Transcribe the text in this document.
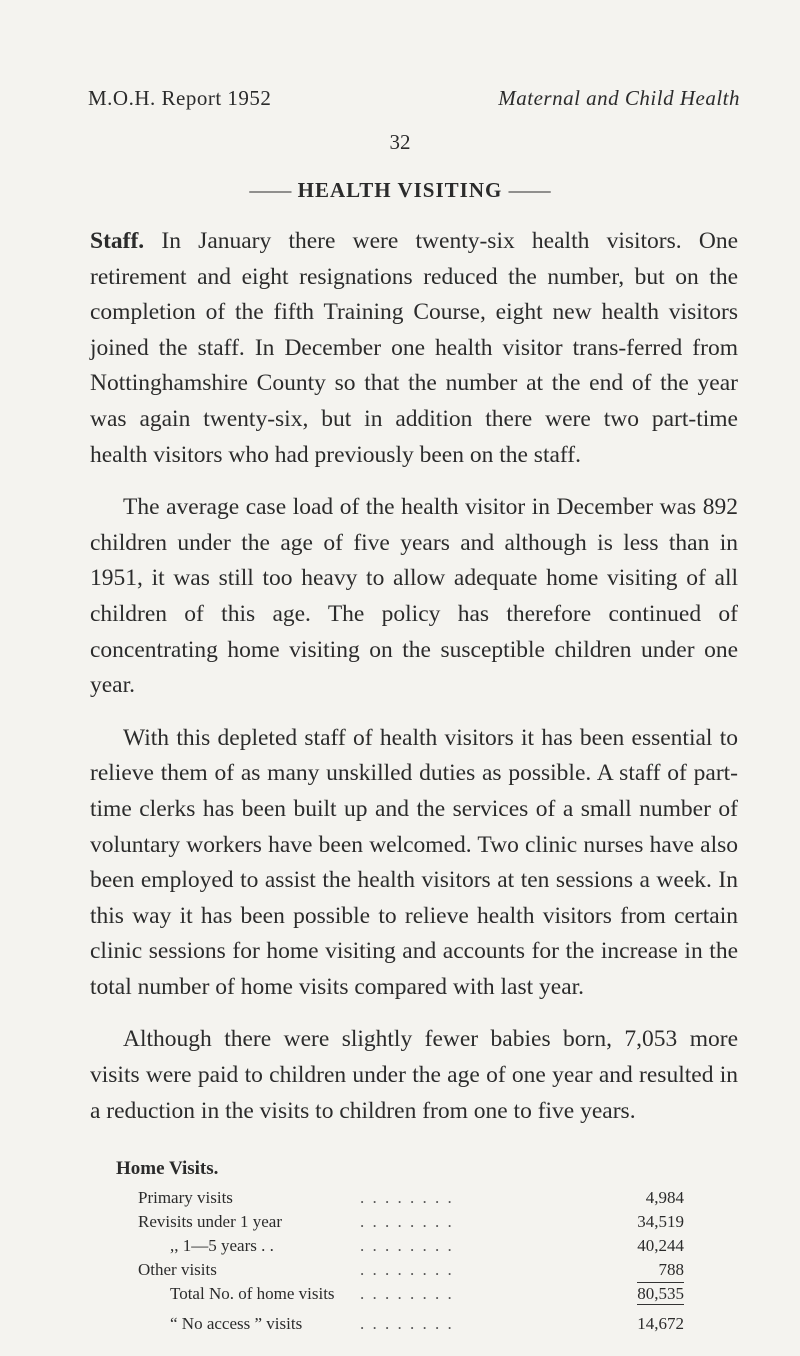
M.O.H. Report 1952	Maternal and Child Health
32
—— HEALTH VISITING ——

Staff. In January there were twenty-six health visitors. One retirement and eight resignations reduced the number, but on the completion of the fifth Training Course, eight new health visitors joined the staff. In December one health visitor trans-ferred from Nottinghamshire County so that the number at the end of the year was again twenty-six, but in addition there were two part-time health visitors who had previously been on the staff.

The average case load of the health visitor in December was 892 children under the age of five years and although is less than in 1951, it was still too heavy to allow adequate home visiting of all children of this age. The policy has therefore continued of concentrating home visiting on the susceptible children under one year.

With this depleted staff of health visitors it has been essential to relieve them of as many unskilled duties as possible. A staff of part-time clerks has been built up and the services of a small number of voluntary workers have been welcomed. Two clinic nurses have also been employed to assist the health visitors at ten sessions a week. In this way it has been possible to relieve health visitors from certain clinic sessions for home visiting and accounts for the increase in the total number of home visits compared with last year.

Although there were slightly fewer babies born, 7,053 more visits were paid to children under the age of one year and resulted in a reduction in the visits to children from one to five years.

Home Visits.
Primary visits	. . . . . . . .	4,984
Revisits under 1 year	. . . . . . . .	34,519
,, 1—5 years . .	. . . . . . . .	40,244
Other visits	. . . . . . . .	788
Total No. of home visits . . . . . . . .	80,535
“ No access ” visits	. . . . . . . .	14,672
